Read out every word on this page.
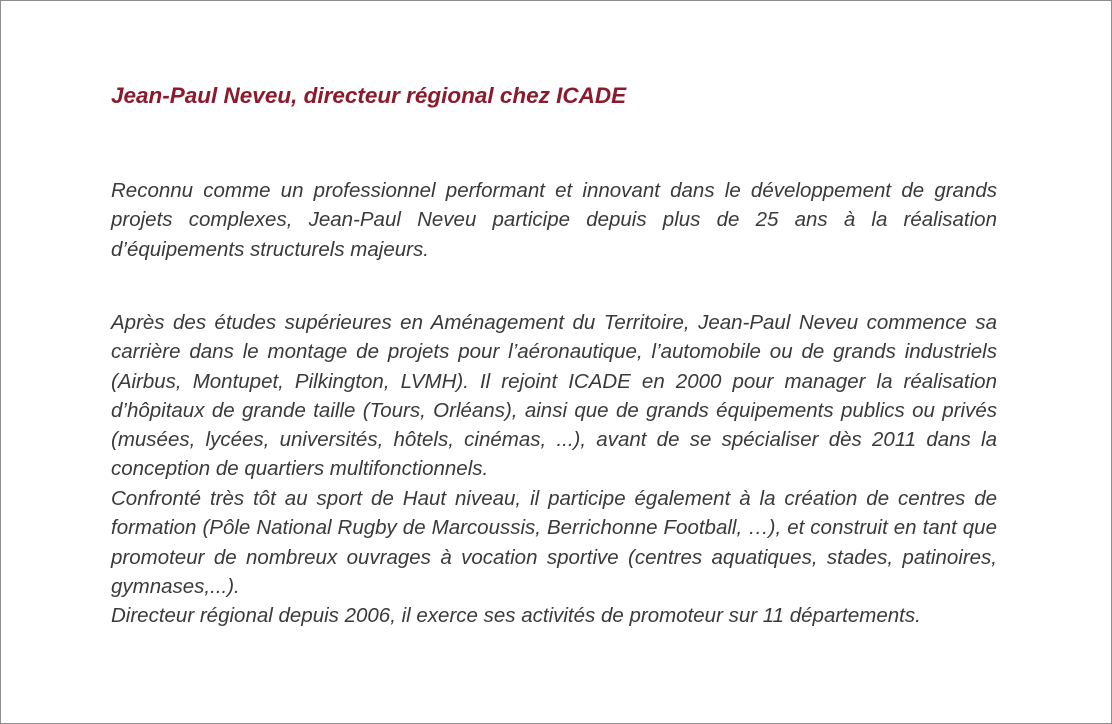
Jean-Paul Neveu, directeur régional chez ICADE

Reconnu comme un professionnel performant et innovant dans le développement de grands projets complexes, Jean-Paul Neveu participe depuis plus de 25 ans à la réalisation d’équipements structurels majeurs.

Après des études supérieures en Aménagement du Territoire, Jean-Paul Neveu commence sa carrière dans le montage de projets pour l’aéronautique, l’automobile ou de grands industriels (Airbus, Montupet, Pilkington, LVMH). Il rejoint ICADE en 2000 pour manager la réalisation d’hôpitaux de grande taille (Tours, Orléans), ainsi que de grands équipements publics ou privés (musées, lycées, universités, hôtels, cinémas, ...), avant de se spécialiser dès 2011 dans la conception de quartiers multifonctionnels.

Confronté très tôt au sport de Haut niveau, il participe également à la création de centres de formation (Pôle National Rugby de Marcoussis, Berrichonne Football, …), et construit en tant que promoteur de nombreux ouvrages à vocation sportive (centres aquatiques, stades, patinoires, gymnases,...).

Directeur régional depuis 2006, il exerce ses activités de promoteur sur 11 départements.
